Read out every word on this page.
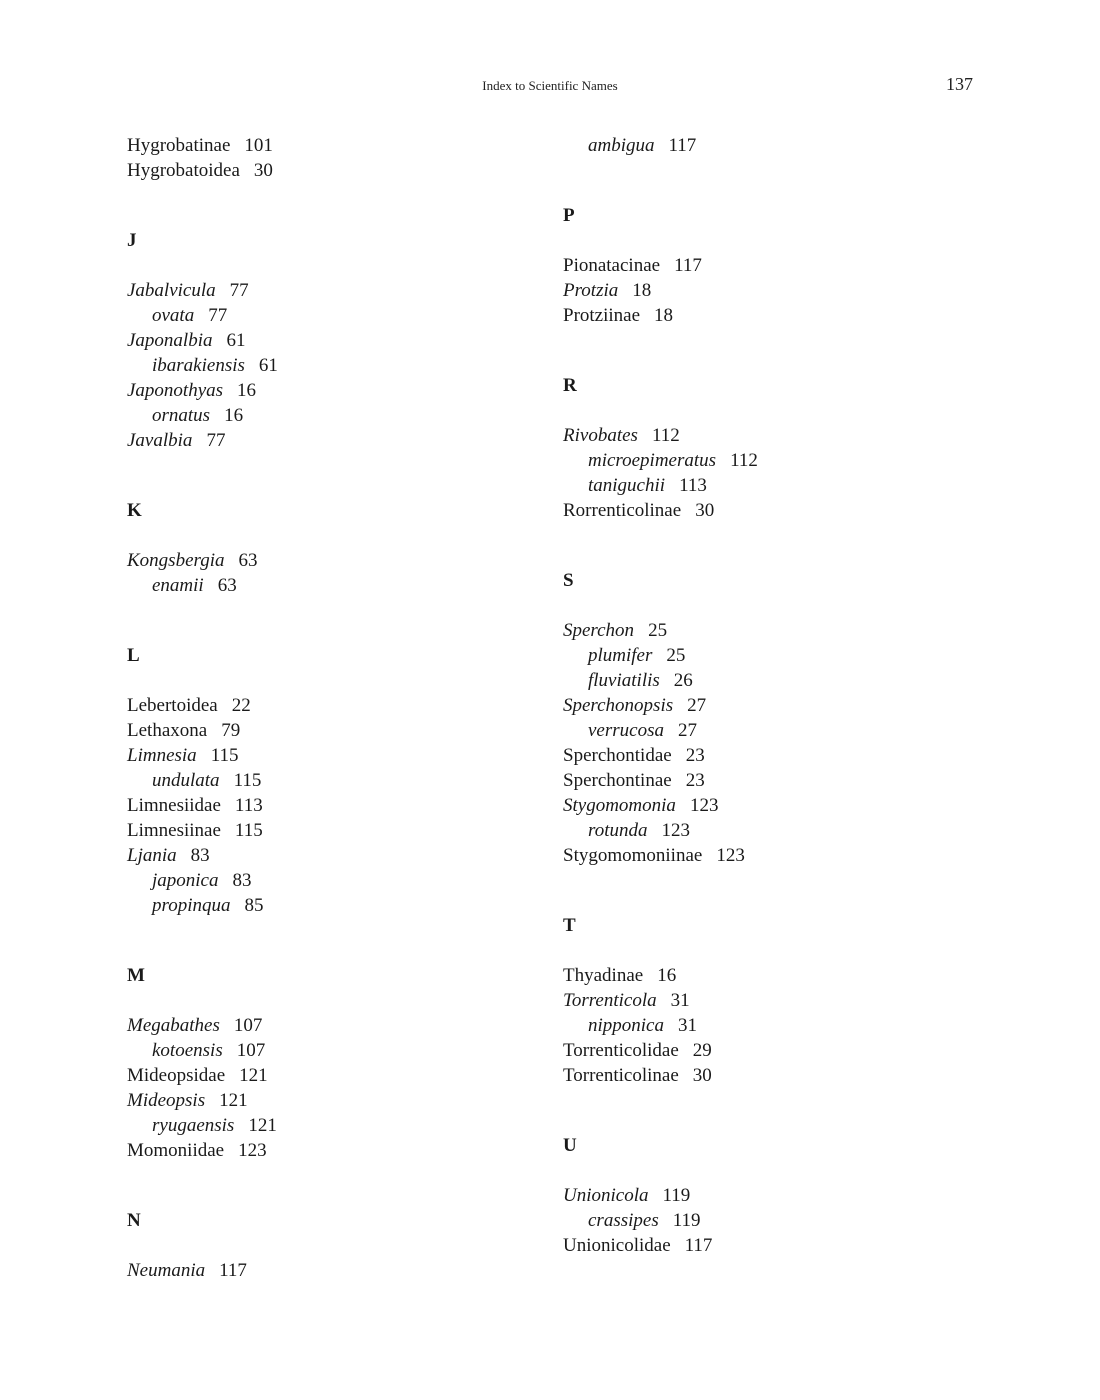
Index to Scientific Names	137
Hygrobatinae 101
Hygrobatoidea 30
J
Jabalvicula 77
ovata 77
Japonalbia 61
ibarakiensis 61
Japonothyas 16
ornatus 16
Javalbia 77
K
Kongsbergia 63
enamii 63
L
Lebertoidea 22
Lethaxona 79
Limnesia 115
undulata 115
Limnesiidae 113
Limnesiinae 115
Ljania 83
japonica 83
propinqua 85
M
Megabathes 107
kotoensis 107
Mideopsidae 121
Mideopsis 121
ryugaensis 121
Momoniidae 123
N
Neumania 117
ambigua 117
P
Pionatacinae 117
Protzia 18
Protziinae 18
R
Rivobates 112
microepimeratus 112
taniguchii 113
Rorrenticolinae 30
S
Sperchon 25
plumifer 25
fluviatilis 26
Sperchonopsis 27
verrucosa 27
Sperchontidae 23
Sperchontinae 23
Stygomomonia 123
rotunda 123
Stygomomoniinae 123
T
Thyadinae 16
Torrenticola 31
nipponica 31
Torrenticolidae 29
Torrenticolinae 30
U
Unionicola 119
crassipes 119
Unionicolidae 117
